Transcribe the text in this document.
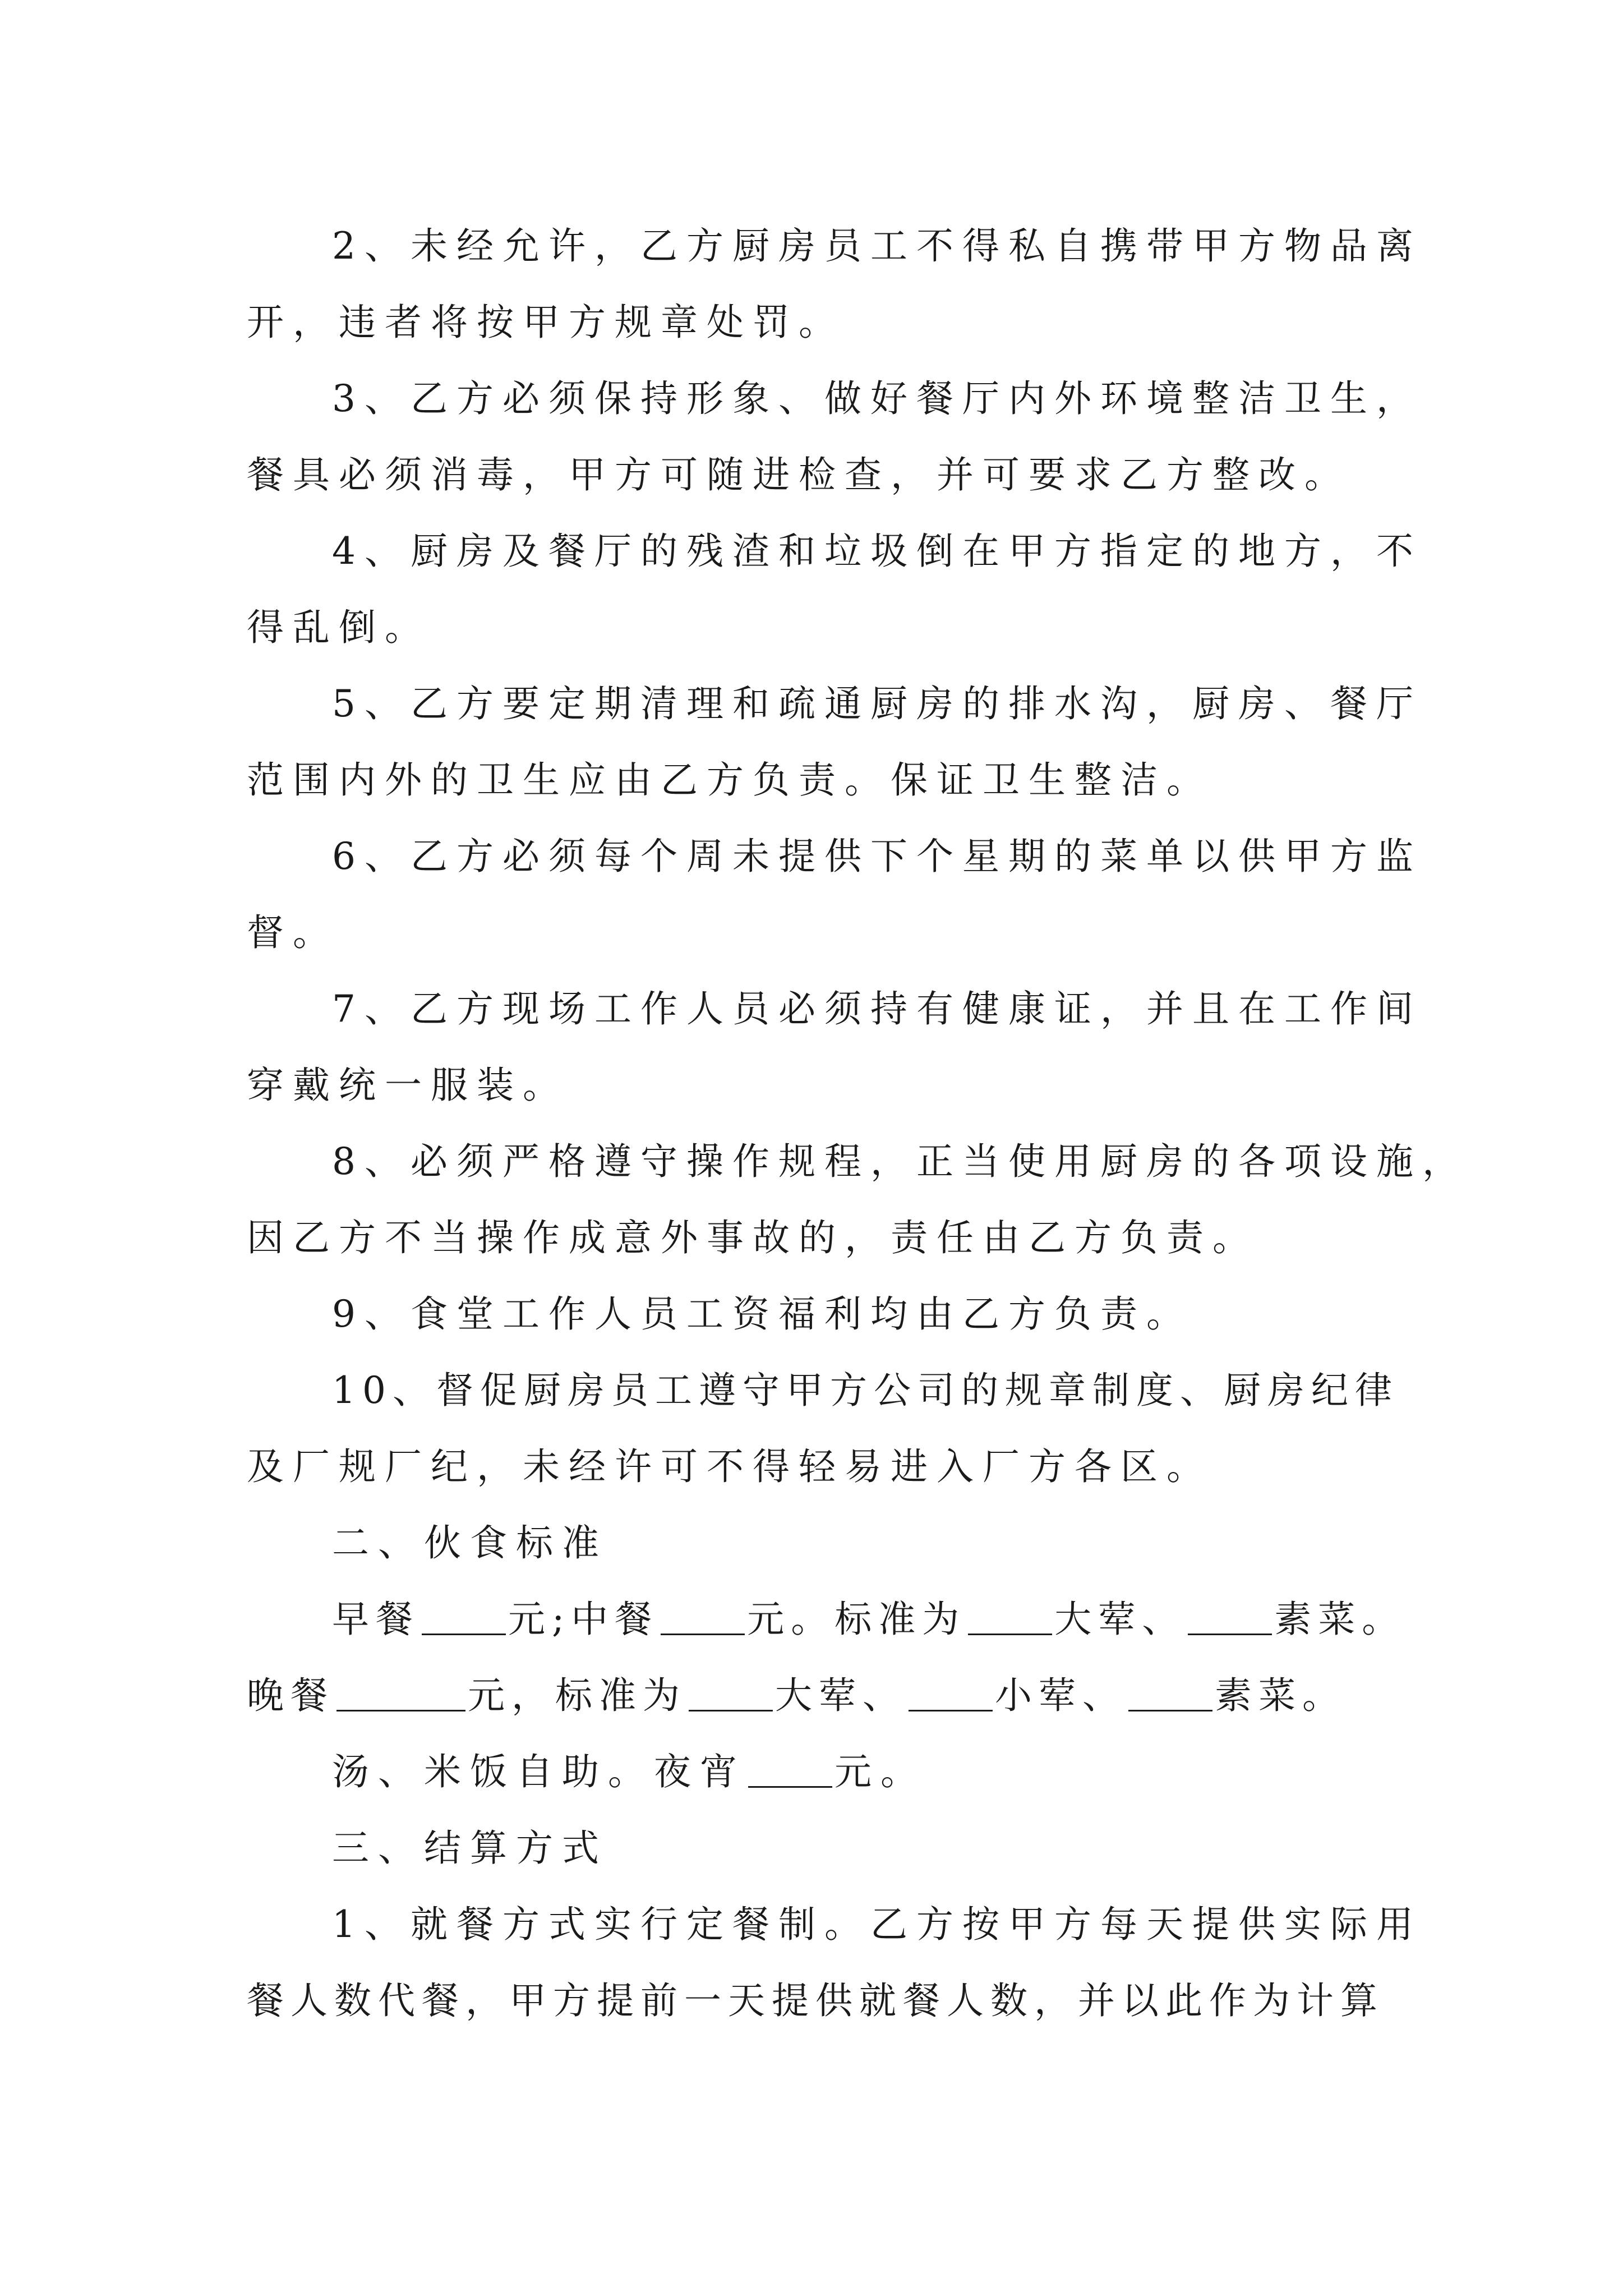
2、未经允许，乙方厨房员工不得私自携带甲方物品离
开，违者将按甲方规章处罚。
3、乙方必须保持形象、做好餐厅内外环境整洁卫生，
餐具必须消毒，甲方可随进检查，并可要求乙方整改。
4、厨房及餐厅的残渣和垃圾倒在甲方指定的地方，不
得乱倒。
5、乙方要定期清理和疏通厨房的排水沟，厨房、餐厅
范围内外的卫生应由乙方负责。保证卫生整洁。
6、乙方必须每个周未提供下个星期的菜单以供甲方监
督。
7、乙方现场工作人员必须持有健康证，并且在工作间
穿戴统一服装。
8、必须严格遵守操作规程，正当使用厨房的各项设施，
因乙方不当操作成意外事故的，责任由乙方负责。
9、食堂工作人员工资福利均由乙方负责。
10、督促厨房员工遵守甲方公司的规章制度、厨房纪律
及厂规厂纪，未经许可不得轻易进入厂方各区。
二、伙食标准
早餐 元;中餐 元。标准为 大荤、 素菜。
晚餐	元，标准为 大荤、 小荤、 素菜。
汤、米饭自助。夜宵 元。
三、结算方式
1、就餐方式实行定餐制。乙方按甲方每天提供实际用
餐人数代餐，甲方提前一天提供就餐人数，并以此作为计算
